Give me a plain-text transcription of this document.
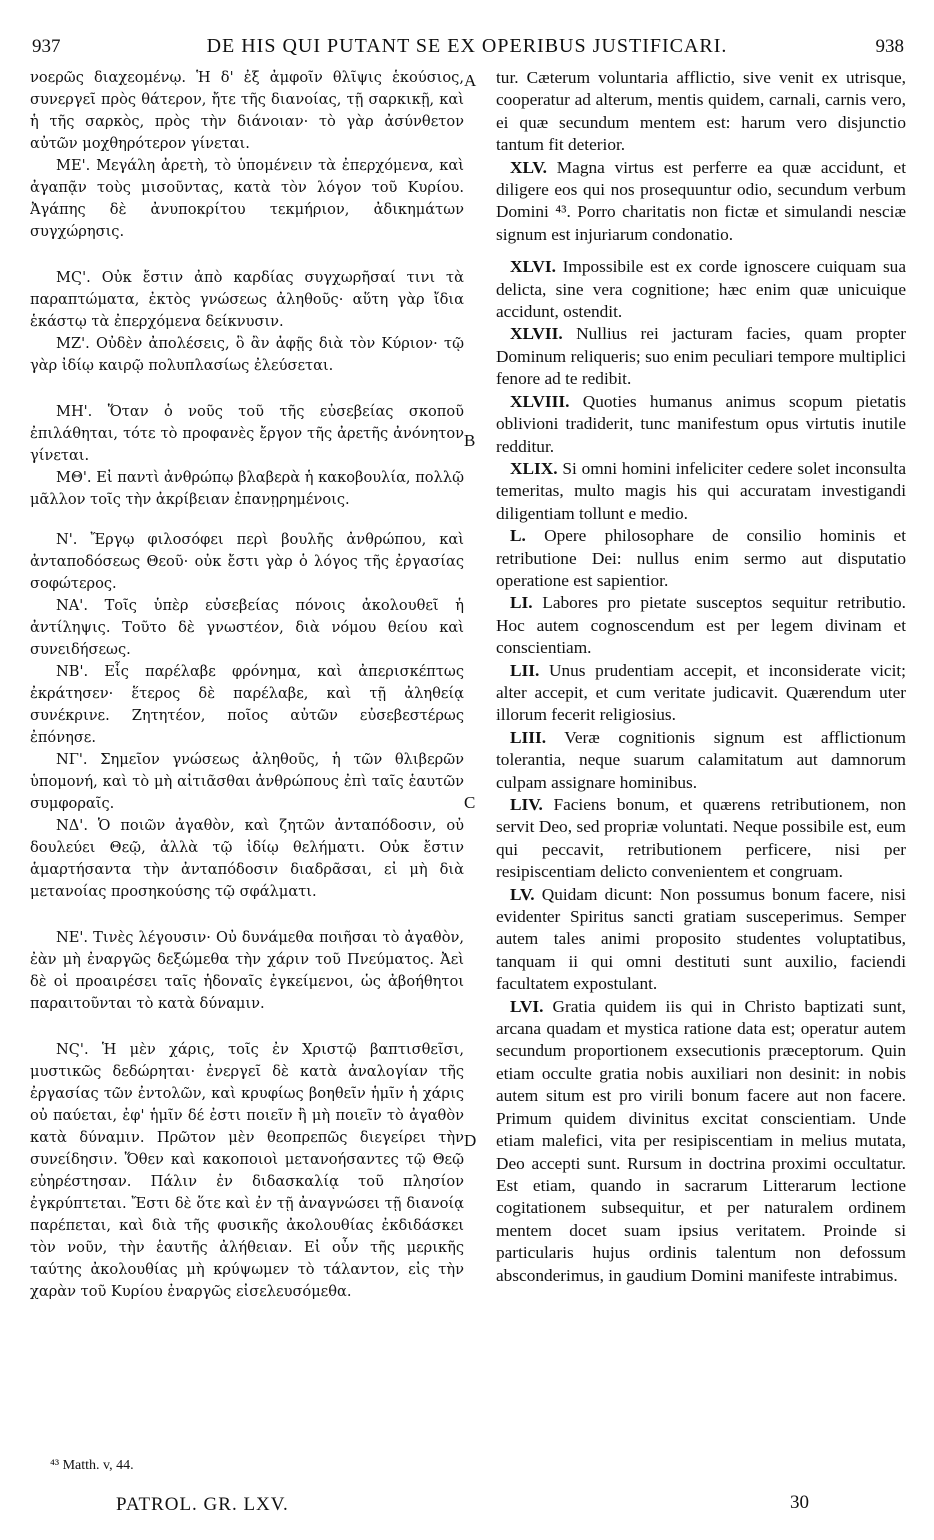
937	DE HIS QUI PUTANT SE EX OPERIBUS JUSTIFICARI.	938

νοερῶς διαχεομένῳ. Ἡ δ' ἐξ ἀμφοῖν θλῖψις ἑκούσιος, συνεργεῖ πρὸς θάτερον, ἤτε τῆς διανοίας, τῇ σαρκικῇ, καὶ ἡ τῆς σαρκὸς, πρὸς τὴν διάνοιαν· τὸ γὰρ ἀσύνθετον αὐτῶν μοχθηρότερον γίνεται.

ΜΕ'. Μεγάλη ἀρετὴ, τὸ ὑπομένειν τὰ ἐπερχόμενα, καὶ ἀγαπᾷν τοὺς μισοῦντας, κατὰ τὸν λόγον τοῦ Κυρίου. Ἀγάπης δὲ ἀνυποκρίτου τεκμήριον, ἀδικημάτων συγχώρησις.

ΜϚ'. Οὐκ ἔστιν ἀπὸ καρδίας συγχωρῆσαί τινι τὰ παραπτώματα, ἐκτὸς γνώσεως ἀληθοῦς· αὕτη γὰρ ἴδια ἑκάστῳ τὰ ἐπερχόμενα δείκνυσιν.

ΜΖ'. Οὐδὲν ἀπολέσεις, ὃ ἂν ἀφῇς διὰ τὸν Κύριον· τῷ γὰρ ἰδίῳ καιρῷ πολυπλασίως ἐλεύσεται.

ΜΗ'. Ὅταν ὁ νοῦς τοῦ τῆς εὐσεβείας σκοποῦ ἐπιλάθηται, τότε τὸ προφανὲς ἔργον τῆς ἀρετῆς ἀνόνητον γίνεται.

ΜΘ'. Εἰ παντὶ ἀνθρώπῳ βλαβερὰ ἡ κακοβουλία, πολλῷ μᾶλλον τοῖς τὴν ἀκρίβειαν ἐπανῃρημένοις.

Ν'. Ἔργῳ φιλοσόφει περὶ βουλῆς ἀνθρώπου, καὶ ἀνταποδόσεως Θεοῦ· οὐκ ἔστι γὰρ ὁ λόγος τῆς ἐργασίας σοφώτερος.

ΝΑ'. Τοῖς ὑπὲρ εὐσεβείας πόνοις ἀκολουθεῖ ἡ ἀντίληψις. Τοῦτο δὲ γνωστέον, διὰ νόμου θείου καὶ συνειδήσεως.

ΝΒ'. Εἷς παρέλαβε φρόνημα, καὶ ἀπερισκέπτως ἐκράτησεν· ἕτερος δὲ παρέλαβε, καὶ τῇ ἀληθείᾳ συνέκρινε. Ζητητέον, ποῖος αὐτῶν εὐσεβεστέρως ἐπόνησε.

ΝΓ'. Σημεῖον γνώσεως ἀληθοῦς, ἡ τῶν θλιβερῶν ὑπομονή, καὶ τὸ μὴ αἰτιᾶσθαι ἀνθρώπους ἐπὶ ταῖς ἑαυτῶν συμφοραῖς.

ΝΔ'. Ὁ ποιῶν ἀγαθὸν, καὶ ζητῶν ἀνταπόδοσιν, οὐ δουλεύει Θεῷ, ἀλλὰ τῷ ἰδίῳ θελήματι. Οὐκ ἔστιν ἁμαρτήσαντα τὴν ἀνταπόδοσιν διαδρᾶσαι, εἰ μὴ διὰ μετανοίας προσηκούσης τῷ σφάλματι.

ΝΕ'. Τινὲς λέγουσιν· Οὐ δυνάμεθα ποιῆσαι τὸ ἀγαθὸν, ἐὰν μὴ ἐναργῶς δεξώμεθα τὴν χάριν τοῦ Πνεύματος. Ἀεὶ δὲ οἱ προαιρέσει ταῖς ἡδοναῖς ἐγκείμενοι, ὡς ἀβοήθητοι παραιτοῦνται τὸ κατὰ δύναμιν.

ΝϚ'. Ἡ μὲν χάρις, τοῖς ἐν Χριστῷ βαπτισθεῖσι, μυστικῶς δεδώρηται· ἐνεργεῖ δὲ κατὰ ἀναλογίαν τῆς ἐργασίας τῶν ἐντολῶν, καὶ κρυφίως βοηθεῖν ἡμῖν ἡ χάρις οὐ παύεται, ἐφ' ἡμῖν δέ ἐστι ποιεῖν ἢ μὴ ποιεῖν τὸ ἀγαθὸν κατὰ δύναμιν. Πρῶτον μὲν θεοπρεπῶς διεγείρει τὴν συνείδησιν. Ὅθεν καὶ κακοποιοὶ μετανοήσαντες τῷ Θεῷ εὐηρέστησαν. Πάλιν ἐν διδασκαλίᾳ τοῦ πλησίον ἐγκρύπτεται. Ἔστι δὲ ὅτε καὶ ἐν τῇ ἀναγνώσει τῇ διανοίᾳ παρέπεται, καὶ διὰ τῆς φυσικῆς ἀκολουθίας ἐκδιδάσκει τὸν νοῦν, τὴν ἑαυτῆς ἀλήθειαν. Εἰ οὖν τῆς μερικῆς ταύτης ἀκολουθίας μὴ κρύψωμεν τὸ τάλαντον, εἰς τὴν χαρὰν τοῦ Κυρίου ἐναργῶς εἰσελευσόμεθα.

A
B
C
D

tur. Cæterum voluntaria afflictio, sive venit ex utrisque, cooperatur ad alterum, mentis quidem, carnali, carnis vero, ei quæ secundum mentem est: harum vero disjunctio tantum fit deterior.

XLV. Magna virtus est perferre ea quæ accidunt, et diligere eos qui nos prosequuntur odio, secundum verbum Domini ⁴³. Porro charitatis non fictæ et simulandi nesciæ signum est injuriarum condonatio.

XLVI. Impossibile est ex corde ignoscere cuiquam sua delicta, sine vera cognitione; hæc enim quæ unicuique accidunt, ostendit.

XLVII. Nullius rei jacturam facies, quam propter Dominum reliqueris; suo enim peculiari tempore multiplici fenore ad te redibit.

XLVIII. Quoties humanus animus scopum pietatis oblivioni tradiderit, tunc manifestum opus virtutis inutile redditur.

XLIX. Si omni homini infeliciter cedere solet inconsulta temeritas, multo magis his qui accuratam investigandi diligentiam tollunt e medio.

L. Opere philosophare de consilio hominis et retributione Dei: nullus enim sermo aut disputatio operatione est sapientior.

LI. Labores pro pietate susceptos sequitur retributio. Hoc autem cognoscendum est per legem divinam et conscientiam.

LII. Unus prudentiam accepit, et inconsiderate vicit; alter accepit, et cum veritate judicavit. Quærendum uter illorum fecerit religiosius.

LIII. Veræ cognitionis signum est afflictionum tolerantia, neque suarum calamitatum aut damnorum culpam assignare hominibus.

LIV. Faciens bonum, et quærens retributionem, non servit Deo, sed propriæ voluntati. Neque possibile est, eum qui peccavit, retributionem perficere, nisi per resipiscentiam delicto convenientem et congruam.

LV. Quidam dicunt: Non possumus bonum facere, nisi evidenter Spiritus sancti gratiam susceperimus. Semper autem tales animi proposito studentes voluptatibus, tanquam ii qui omni destituti sunt auxilio, faciendi facultatem expostulant.

LVI. Gratia quidem iis qui in Christo baptizati sunt, arcana quadam et mystica ratione data est; operatur autem secundum proportionem exsecutionis præceptorum. Quin etiam occulte gratia nobis auxiliari non desinit: in nobis autem situm est pro virili bonum facere aut non facere. Primum quidem divinitus excitat conscientiam. Unde etiam malefici, vita per resipiscentiam in melius mutata, Deo accepti sunt. Rursum in doctrina proximi occultatur. Est etiam, quando in sacrarum Litterarum lectione cogitationem subsequitur, et per naturalem ordinem mentem docet suam ipsius veritatem. Proinde si particularis hujus ordinis talentum non defossum absconderimus, in gaudium Domini manifeste intrabimus.

⁴³ Matth. v, 44.
PATROL. GR. LXV.	30
